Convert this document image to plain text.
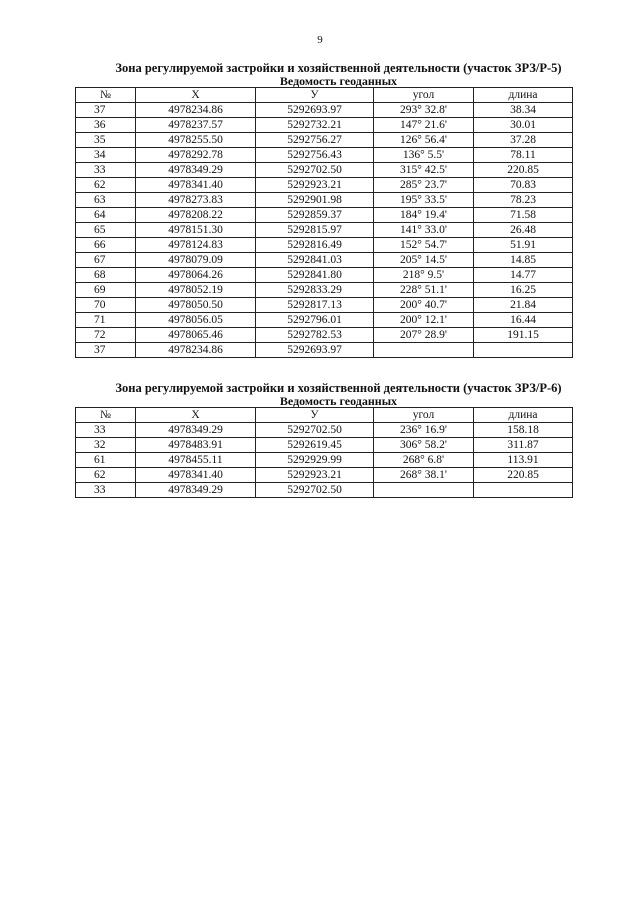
9
Зона регулируемой застройки и хозяйственной деятельности (участок ЗРЗ/Р-5)
Ведомость геоданных
№	X	У	угол	длина
37	4978234.86	5292693.97	293° 32.8'	38.34
36	4978237.57	5292732.21	147° 21.6'	30.01
35	4978255.50	5292756.27	126° 56.4'	37.28
34	4978292.78	5292756.43	136° 5.5'	78.11
33	4978349.29	5292702.50	315° 42.5'	220.85
62	4978341.40	5292923.21	285° 23.7'	70.83
63	4978273.83	5292901.98	195° 33.5'	78.23
64	4978208.22	5292859.37	184° 19.4'	71.58
65	4978151.30	5292815.97	141° 33.0'	26.48
66	4978124.83	5292816.49	152° 54.7'	51.91
67	4978079.09	5292841.03	205° 14.5'	14.85
68	4978064.26	5292841.80	218° 9.5'	14.77
69	4978052.19	5292833.29	228° 51.1'	16.25
70	4978050.50	5292817.13	200° 40.7'	21.84
71	4978056.05	5292796.01	200° 12.1'	16.44
72	4978065.46	5292782.53	207° 28.9'	191.15
37	4978234.86	5292693.97		
Зона регулируемой застройки и хозяйственной деятельности (участок ЗРЗ/Р-6)
Ведомость геоданных
№	X	У	угол	длина
33	4978349.29	5292702.50	236° 16.9'	158.18
32	4978483.91	5292619.45	306° 58.2'	311.87
61	4978455.11	5292929.99	268° 6.8'	113.91
62	4978341.40	5292923.21	268° 38.1'	220.85
33	4978349.29	5292702.50		
